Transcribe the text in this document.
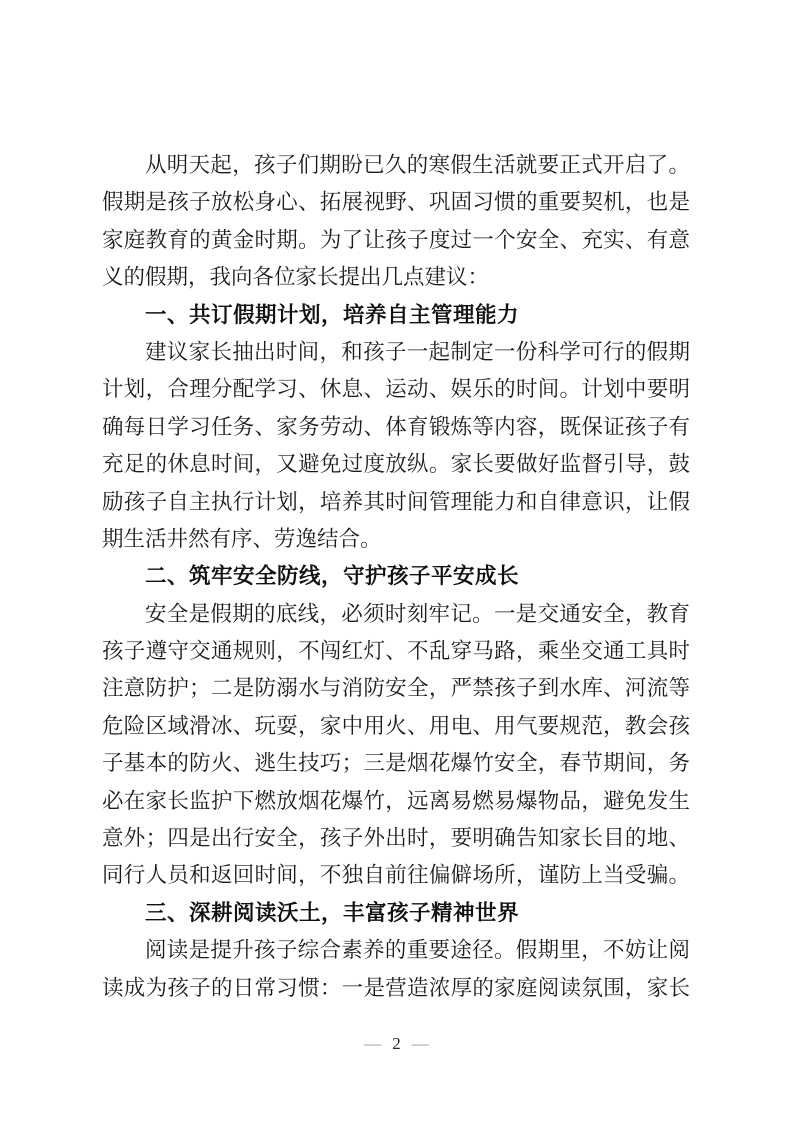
从明天起，孩子们期盼已久的寒假生活就要正式开启了。

假期是孩子放松身心、拓展视野、巩固习惯的重要契机，也是

家庭教育的黄金时期。为了让孩子度过一个安全、充实、有意

义的假期，我向各位家长提出几点建议：

一、共订假期计划，培养自主管理能力

建议家长抽出时间，和孩子一起制定一份科学可行的假期

计划，合理分配学习、休息、运动、娱乐的时间。计划中要明

确每日学习任务、家务劳动、体育锻炼等内容，既保证孩子有

充足的休息时间，又避免过度放纵。家长要做好监督引导，鼓

励孩子自主执行计划，培养其时间管理能力和自律意识，让假

期生活井然有序、劳逸结合。

二、筑牢安全防线，守护孩子平安成长

安全是假期的底线，必须时刻牢记。一是交通安全，教育

孩子遵守交通规则，不闯红灯、不乱穿马路，乘坐交通工具时

注意防护；二是防溺水与消防安全，严禁孩子到水库、河流等

危险区域滑冰、玩耍，家中用火、用电、用气要规范，教会孩

子基本的防火、逃生技巧；三是烟花爆竹安全，春节期间，务

必在家长监护下燃放烟花爆竹，远离易燃易爆物品，避免发生

意外；四是出行安全，孩子外出时，要明确告知家长目的地、

同行人员和返回时间，不独自前往偏僻场所，谨防上当受骗。

三、深耕阅读沃土，丰富孩子精神世界

阅读是提升孩子综合素养的重要途径。假期里，不妨让阅

读成为孩子的日常习惯：一是营造浓厚的家庭阅读氛围，家长

— 2 —
